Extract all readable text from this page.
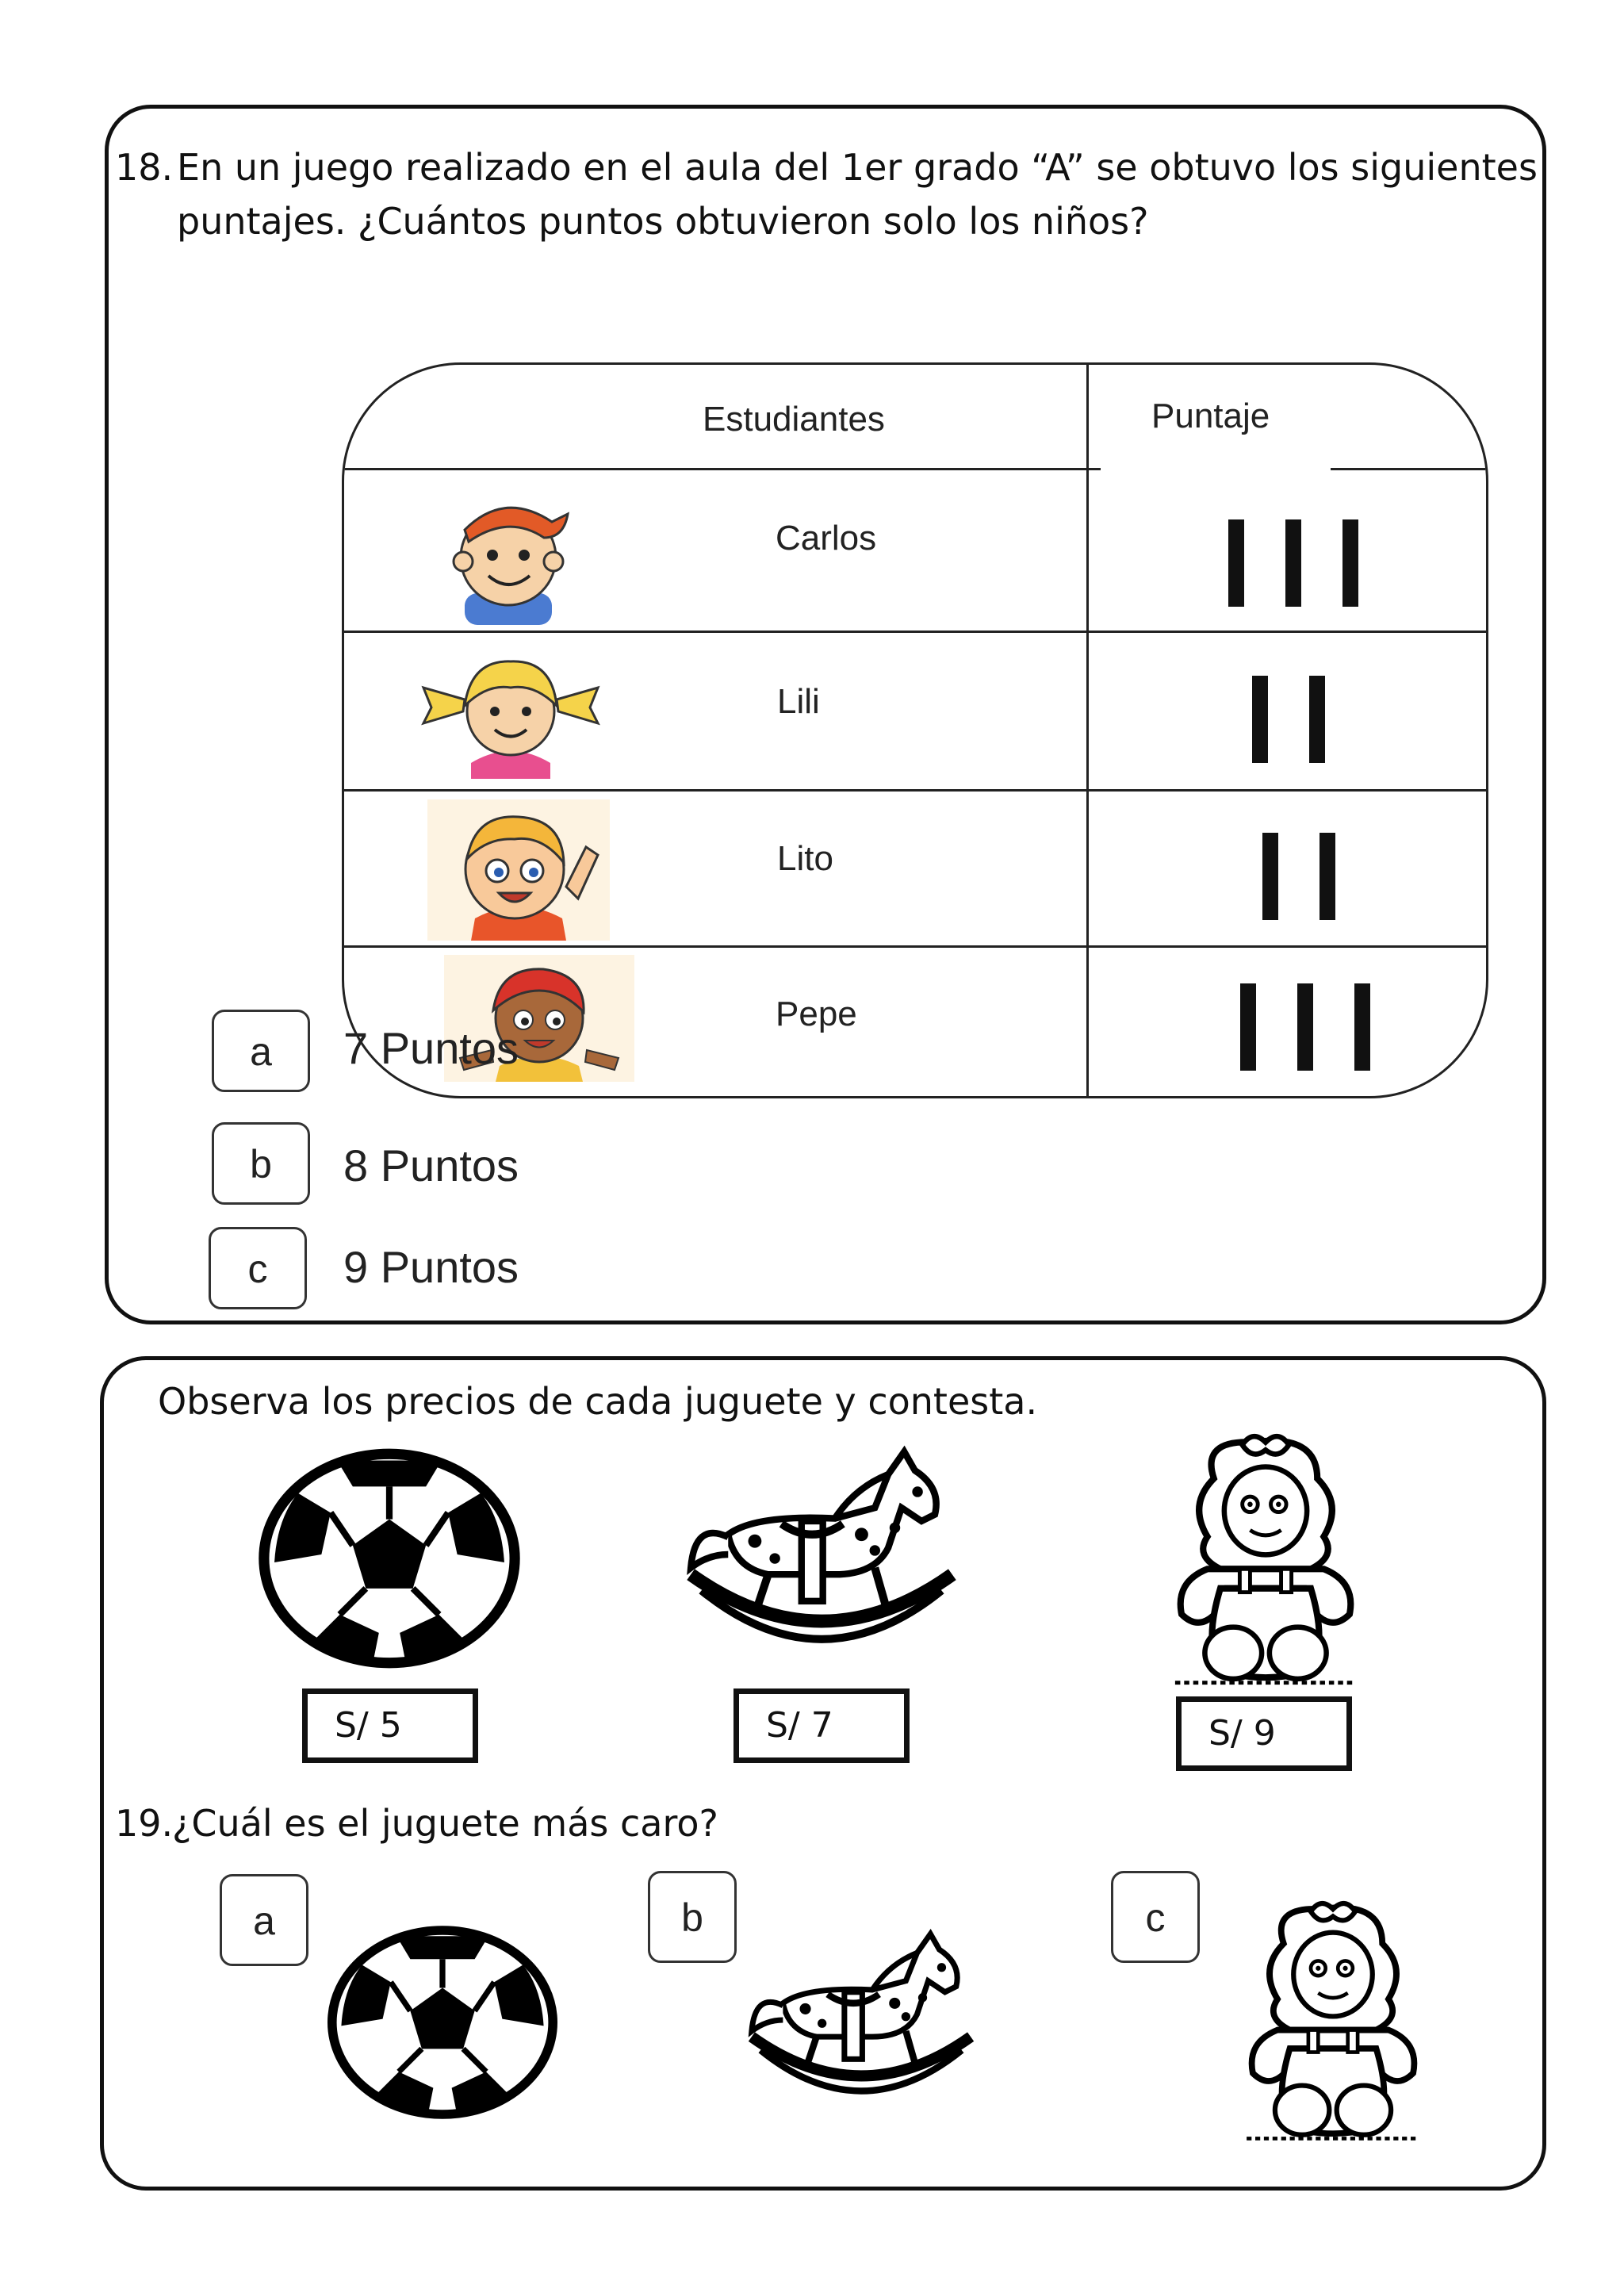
18. En un juego realizado en el aula del 1er grado “A” se obtuvo los siguientes

puntajes. ¿Cuántos puntos obtuvieron solo los niños?

Estudiantes	Puntaje
Carlos
Lili
Lito
Pepe
a	7 Puntos
b	8 Puntos
c	9 Puntos

Observa los precios de cada juguete y contesta.

S/ 5	S/ 7	S/ 9
19.

¿Cuál es el juguete más caro?

a	b	c
